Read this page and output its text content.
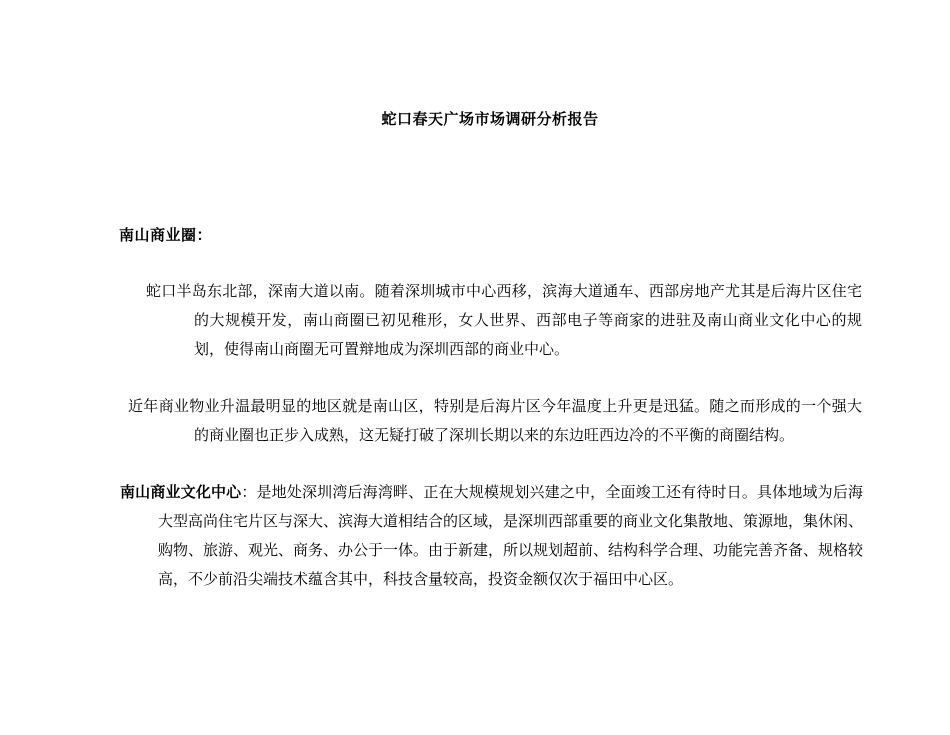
蛇口春天广场市场调研分析报告
南山商业圈：
蛇口半岛东北部，深南大道以南。随着深圳城市中心西移，滨海大道通车、西部房地产尤其是后海片区住宅的大规模开发，南山商圈已初见稚形，女人世界、西部电子等商家的进驻及南山商业文化中心的规划，使得南山商圈无可置辩地成为深圳西部的商业中心。
近年商业物业升温最明显的地区就是南山区，特别是后海片区今年温度上升更是迅猛。随之而形成的一个强大的商业圈也正步入成熟，这无疑打破了深圳长期以来的东边旺西边冷的不平衡的商圈结构。
南山商业文化中心：是地处深圳湾后海湾畔、正在大规模规划兴建之中，全面竣工还有待时日。具体地域为后海大型高尚住宅片区与深大、滨海大道相结合的区域，是深圳西部重要的商业文化集散地、策源地，集休闲、购物、旅游、观光、商务、办公于一体。由于新建，所以规划超前、结构科学合理、功能完善齐备、规格较高，不少前沿尖端技术蕴含其中，科技含量较高，投资金额仅次于福田中心区。
